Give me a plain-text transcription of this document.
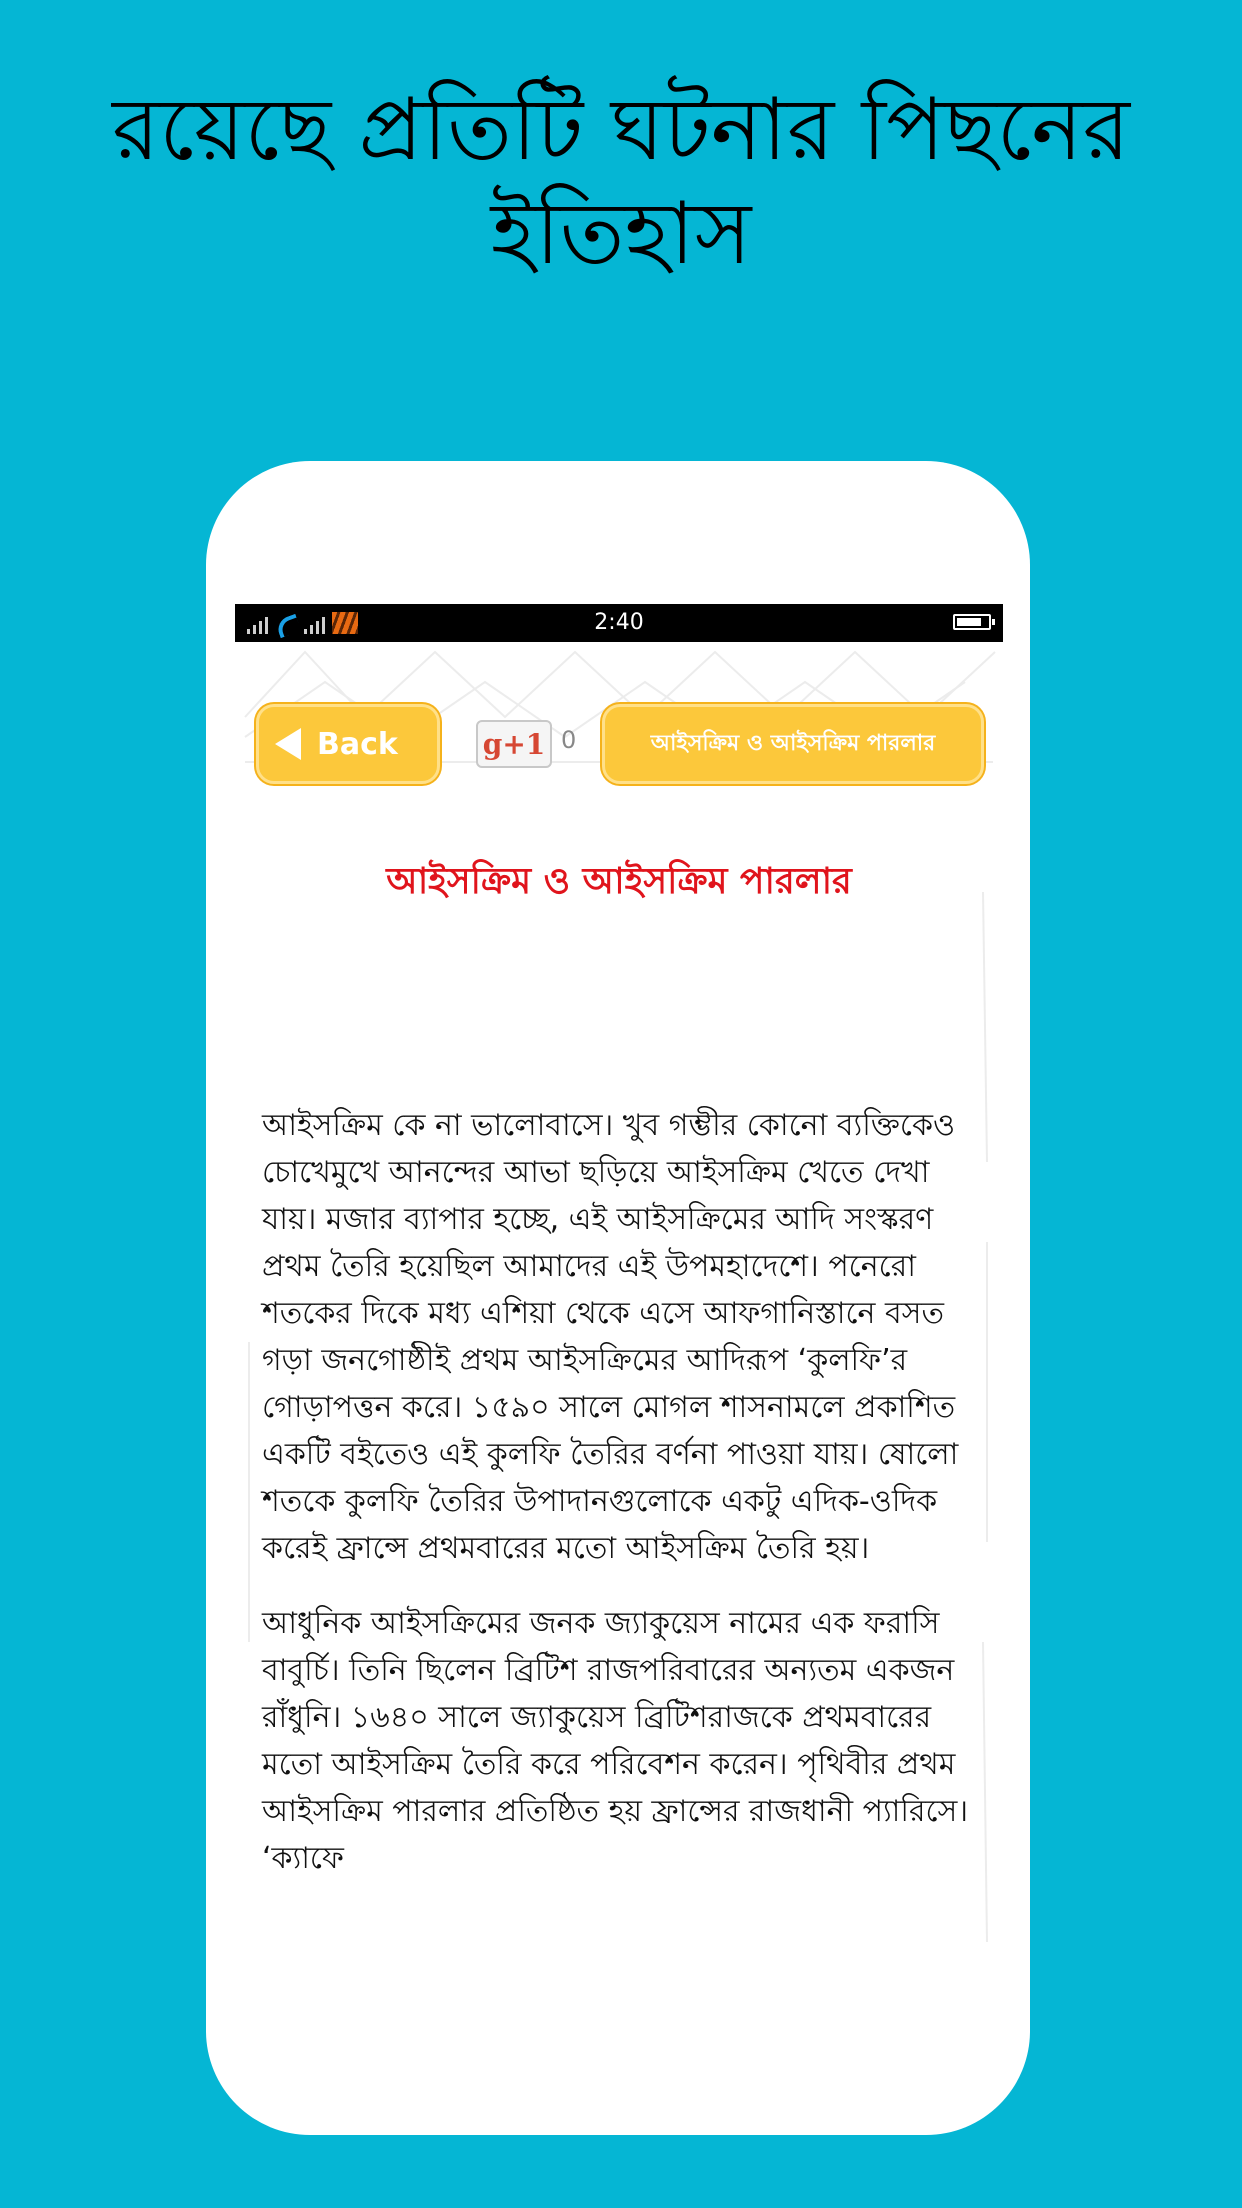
রয়েছে প্রতিটি ঘটনার পিছনের ইতিহাস
2:40
Back	g+1 0	আইসক্রিম ও আইসক্রিম পারলার
আইসক্রিম ও আইসক্রিম পারলার

আইসক্রিম কে না ভালোবাসে। খুব গম্ভীর কোনো ব্যক্তিকেও চোখেমুখে আনন্দের আভা ছড়িয়ে আইসক্রিম খেতে দেখা যায়। মজার ব্যাপার হচ্ছে, এই আইসক্রিমের আদি সংস্করণ প্রথম তৈরি হয়েছিল আমাদের এই উপমহাদেশে। পনেরো শতকের দিকে মধ্য এশিয়া থেকে এসে আফগানিস্তানে বসত গড়া জনগোষ্ঠীই প্রথম আইসক্রিমের আদিরূপ ‘কুলফি’র গোড়াপত্তন করে। ১৫৯০ সালে মোগল শাসনামলে প্রকাশিত একটি বইতেও এই কুলফি তৈরির বর্ণনা পাওয়া যায়। ষোলো শতকে কুলফি তৈরির উপাদানগুলোকে একটু এদিক-ওদিক করেই ফ্রান্সে প্রথমবারের মতো আইসক্রিম তৈরি হয়।

আধুনিক আইসক্রিমের জনক জ্যাকুয়েস নামের এক ফরাসি বাবুর্চি। তিনি ছিলেন ব্রিটিশ রাজপরিবারের অন্যতম একজন রাঁধুনি। ১৬৪০ সালে জ্যাকুয়েস ব্রিটিশরাজকে প্রথমবারের মতো আইসক্রিম তৈরি করে পরিবেশন করেন। পৃথিবীর প্রথম আইসক্রিম পারলার প্রতিষ্ঠিত হয় ফ্রান্সের রাজধানী প্যারিসে। ‘ক্যাফে
